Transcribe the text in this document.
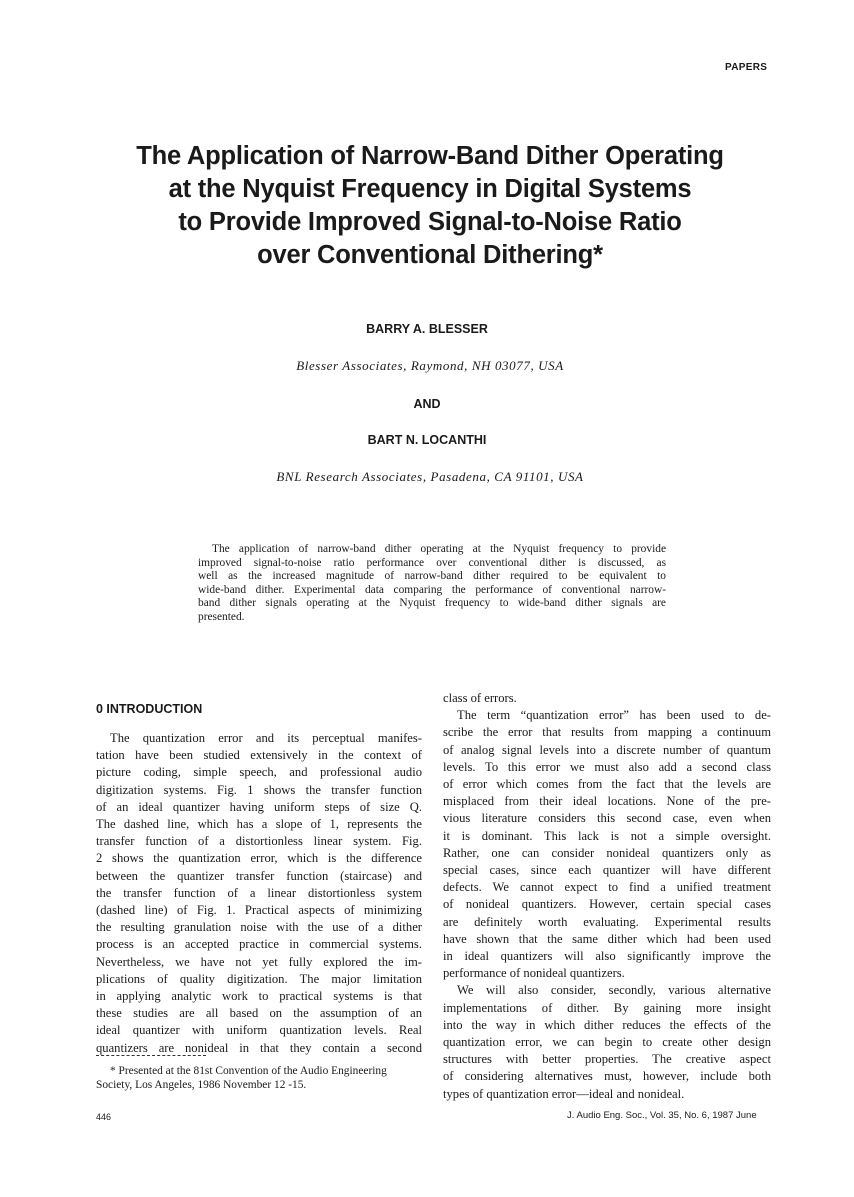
PAPERS
The Application of Narrow-Band Dither Operating
at the Nyquist Frequency in Digital Systems
to Provide Improved Signal-to-Noise Ratio
over Conventional Dithering*
BARRY A. BLESSER
Blesser Associates, Raymond, NH 03077, USA
AND
BART N. LOCANTHI
BNL Research Associates, Pasadena, CA 91101, USA
The application of narrow-band dither operating at the Nyquist frequency to provide
improved signal-to-noise ratio performance over conventional dither is discussed, as
well as the increased magnitude of narrow-band dither required to be equivalent to
wide-band dither. Experimental data comparing the performance of conventional narrow-
band dither signals operating at the Nyquist frequency to wide-band dither signals are
presented.
0 INTRODUCTION
The quantization error and its perceptual manifes-
tation have been studied extensively in the context of
picture coding, simple speech, and professional audio
digitization systems. Fig. 1 shows the transfer function
of an ideal quantizer having uniform steps of size Q.
The dashed line, which has a slope of 1, represents the
transfer function of a distortionless linear system. Fig.
2 shows the quantization error, which is the difference
between the quantizer transfer function (staircase) and
the transfer function of a linear distortionless system
(dashed line) of Fig. 1. Practical aspects of minimizing
the resulting granulation noise with the use of a dither
process is an accepted practice in commercial systems.
Nevertheless, we have not yet fully explored the im-
plications of quality digitization. The major limitation
in applying analytic work to practical systems is that
these studies are all based on the assumption of an
ideal quantizer with uniform quantization levels. Real
quantizers are nonideal in that they contain a second
class of errors.
The term “quantization error” has been used to de-
scribe the error that results from mapping a continuum
of analog signal levels into a discrete number of quantum
levels. To this error we must also add a second class
of error which comes from the fact that the levels are
misplaced from their ideal locations. None of the pre-
vious literature considers this second case, even when
it is dominant. This lack is not a simple oversight.
Rather, one can consider nonideal quantizers only as
special cases, since each quantizer will have different
defects. We cannot expect to find a unified treatment
of nonideal quantizers. However, certain special cases
are definitely worth evaluating. Experimental results
have shown that the same dither which had been used
in ideal quantizers will also significantly improve the
performance of nonideal quantizers.
We will also consider, secondly, various alternative
implementations of dither. By gaining more insight
into the way in which dither reduces the effects of the
quantization error, we can begin to create other design
structures with better properties. The creative aspect
of considering alternatives must, however, include both
types of quantization error—ideal and nonideal.
* Presented at the 81st Convention of the Audio Engineering
Society, Los Angeles, 1986 November 12 -15.
446	J. Audio Eng. Soc., Vol. 35, No. 6, 1987 June
